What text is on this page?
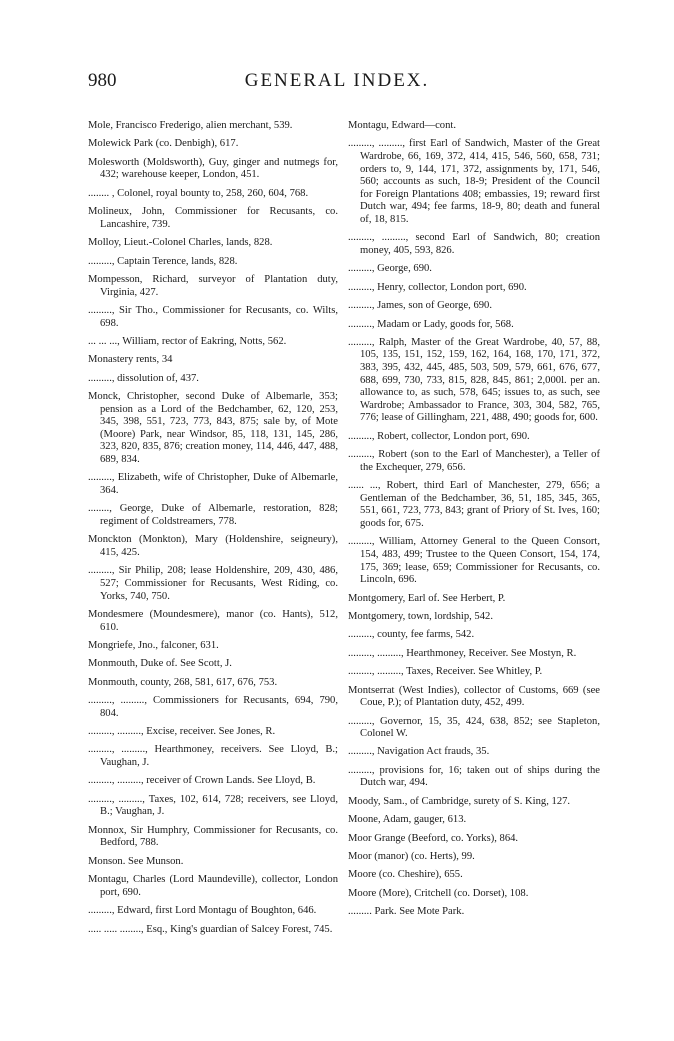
980	GENERAL INDEX.
Mole, Francisco Frederigo, alien merchant, 539.
Molewick Park (co. Denbigh), 617.
Molesworth (Moldsworth), Guy, ginger and nutmegs for, 432; warehouse keeper, London, 451.
........ , Colonel, royal bounty to, 258, 260, 604, 768.
Molineux, John, Commissioner for Recusants, co. Lancashire, 739.
Molloy, Lieut.-Colonel Charles, lands, 828.
........., Captain Terence, lands, 828.
Mompesson, Richard, surveyor of Plantation duty, Virginia, 427.
........., Sir Tho., Commissioner for Recusants, co. Wilts, 698.
... ... ..., William, rector of Eakring, Notts, 562.
Monastery rents, 34
........., dissolution of, 437.
Monck, Christopher, second Duke of Albemarle, 353; pension as a Lord of the Bedchamber, 62, 120, 253, 345, 398, 551, 723, 773, 843, 875; sale by, of Mote (Moore) Park, near Windsor, 85, 118, 131, 145, 286, 323, 820, 835, 876; creation money, 114, 446, 447, 488, 689, 834.
........., Elizabeth, wife of Christopher, Duke of Albemarle, 364.
........, George, Duke of Albemarle, restoration, 828; regiment of Coldstreamers, 778.
Monckton (Monkton), Mary (Holdenshire, seigneury), 415, 425.
........., Sir Philip, 208; lease Holdenshire, 209, 430, 486, 527; Commissioner for Recusants, West Riding, co. Yorks, 740, 750.
Mondesmere (Moundesmere), manor (co. Hants), 512, 610.
Mongriefe, Jno., falconer, 631.
Monmouth, Duke of. See Scott, J.
Monmouth, county, 268, 581, 617, 676, 753.
........., ........., Commissioners for Recusants, 694, 790, 804.
........., ........., Excise, receiver. See Jones, R.
........., ........., Hearthmoney, receivers. See Lloyd, B.; Vaughan, J.
........., ........., receiver of Crown Lands. See Lloyd, B.
........., ........., Taxes, 102, 614, 728; receivers, see Lloyd, B.; Vaughan, J.
Monnox, Sir Humphry, Commissioner for Recusants, co. Bedford, 788.
Monson. See Munson.
Montagu, Charles (Lord Maundeville), collector, London port, 690.
........., Edward, first Lord Montagu of Boughton, 646.
..... ..... ........, Esq., King's guardian of Salcey Forest, 745.
Montagu, Edward—cont.
........., ........., first Earl of Sandwich, Master of the Great Wardrobe, 66, 169, 372, 414, 415, 546, 560, 658, 731; orders to, 9, 144, 171, 372, assignments by, 171, 546, 560; accounts as such, 18-9; President of the Council for Foreign Plantations 408; embassies, 19; reward first Dutch war, 494; fee farms, 18-9, 80; death and funeral of, 18, 815.
........., ........., second Earl of Sandwich, 80; creation money, 405, 593, 826.
........., George, 690.
........., Henry, collector, London port, 690.
........., James, son of George, 690.
........., Madam or Lady, goods for, 568.
........., Ralph, Master of the Great Wardrobe, 40, 57, 88, 105, 135, 151, 152, 159, 162, 164, 168, 170, 171, 372, 383, 395, 432, 445, 485, 503, 509, 579, 661, 676, 677, 688, 699, 730, 733, 815, 828, 845, 861; 2,000l. per an. allowance to, as such, 578, 645; issues to, as such, see Wardrobe; Ambassador to France, 303, 304, 582, 765, 776; lease of Gillingham, 221, 488, 490; goods for, 600.
........., Robert, collector, London port, 690.
........., Robert (son to the Earl of Manchester), a Teller of the Exchequer, 279, 656.
...... ..., Robert, third Earl of Manchester, 279, 656; a Gentleman of the Bedchamber, 36, 51, 185, 345, 365, 551, 661, 723, 773, 843; grant of Priory of St. Ives, 160; goods for, 675.
........., William, Attorney General to the Queen Consort, 154, 483, 499; Trustee to the Queen Consort, 154, 174, 175, 369; lease, 659; Commissioner for Recusants, co. Lincoln, 696.
Montgomery, Earl of. See Herbert, P.
Montgomery, town, lordship, 542.
........., county, fee farms, 542.
........., ........., Hearthmoney, Receiver. See Mostyn, R.
........., ........., Taxes, Receiver. See Whitley, P.
Montserrat (West Indies), collector of Customs, 669 (see Coue, P.); of Plantation duty, 452, 499.
........., Governor, 15, 35, 424, 638, 852; see Stapleton, Colonel W.
........., Navigation Act frauds, 35.
........., provisions for, 16; taken out of ships during the Dutch war, 494.
Moody, Sam., of Cambridge, surety of S. King, 127.
Moone, Adam, gauger, 613.
Moor Grange (Beeford, co. Yorks), 864.
Moor (manor) (co. Herts), 99.
Moore (co. Cheshire), 655.
Moore (More), Critchell (co. Dorset), 108.
......... Park. See Mote Park.
